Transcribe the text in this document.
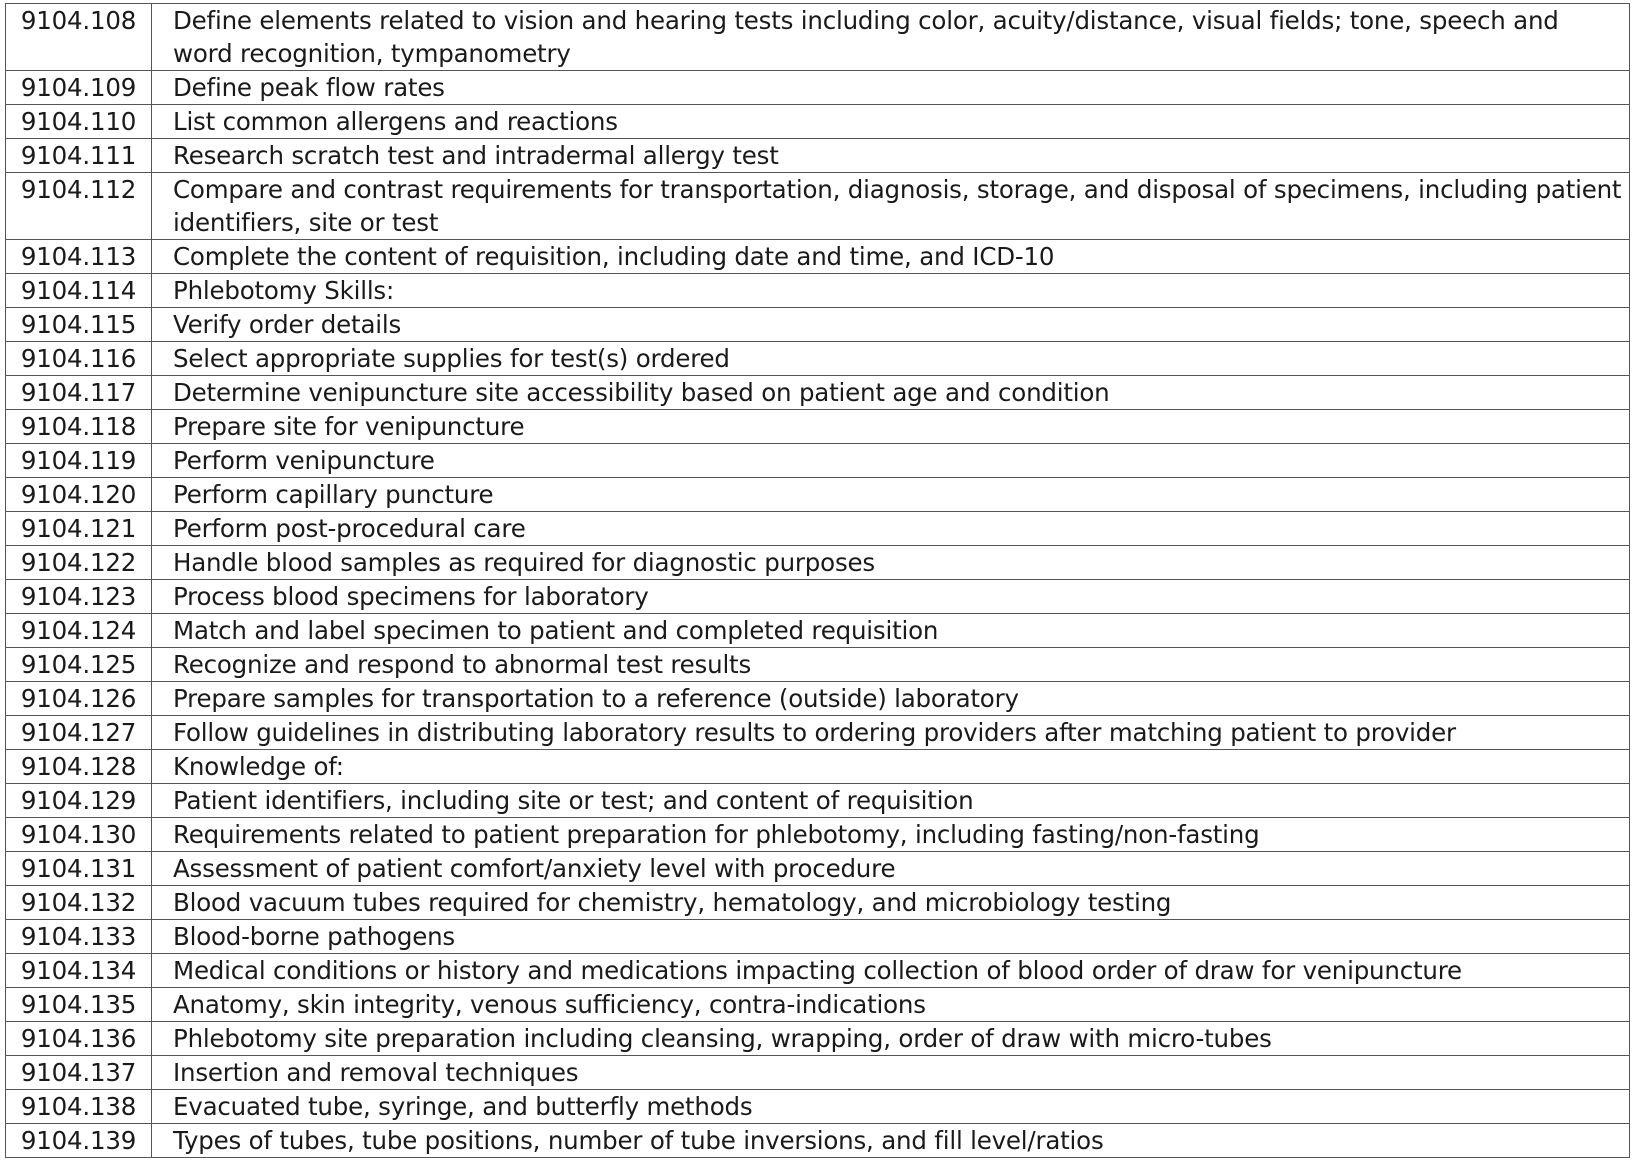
9104.108	Define elements related to vision and hearing tests including color, acuity/distance, visual fields; tone, speech and word recognition, tympanometry
9104.109	Define peak flow rates
9104.110	List common allergens and reactions
9104.111	Research scratch test and intradermal allergy test
9104.112	Compare and contrast requirements for transportation, diagnosis, storage, and disposal of specimens, including patient identifiers, site or test
9104.113	Complete the content of requisition, including date and time, and ICD-10
9104.114	Phlebotomy Skills:
9104.115	Verify order details
9104.116	Select appropriate supplies for test(s) ordered
9104.117	Determine venipuncture site accessibility based on patient age and condition
9104.118	Prepare site for venipuncture
9104.119	Perform venipuncture
9104.120	Perform capillary puncture
9104.121	Perform post-procedural care
9104.122	Handle blood samples as required for diagnostic purposes
9104.123	Process blood specimens for laboratory
9104.124	Match and label specimen to patient and completed requisition
9104.125	Recognize and respond to abnormal test results
9104.126	Prepare samples for transportation to a reference (outside) laboratory
9104.127	Follow guidelines in distributing laboratory results to ordering providers after matching patient to provider
9104.128	Knowledge of:
9104.129	Patient identifiers, including site or test; and content of requisition
9104.130	Requirements related to patient preparation for phlebotomy, including fasting/non-fasting
9104.131	Assessment of patient comfort/anxiety level with procedure
9104.132	Blood vacuum tubes required for chemistry, hematology, and microbiology testing
9104.133	Blood-borne pathogens
9104.134	Medical conditions or history and medications impacting collection of blood order of draw for venipuncture
9104.135	Anatomy, skin integrity, venous sufficiency, contra-indications
9104.136	Phlebotomy site preparation including cleansing, wrapping, order of draw with micro-tubes
9104.137	Insertion and removal techniques
9104.138	Evacuated tube, syringe, and butterfly methods
9104.139	Types of tubes, tube positions, number of tube inversions, and fill level/ratios
